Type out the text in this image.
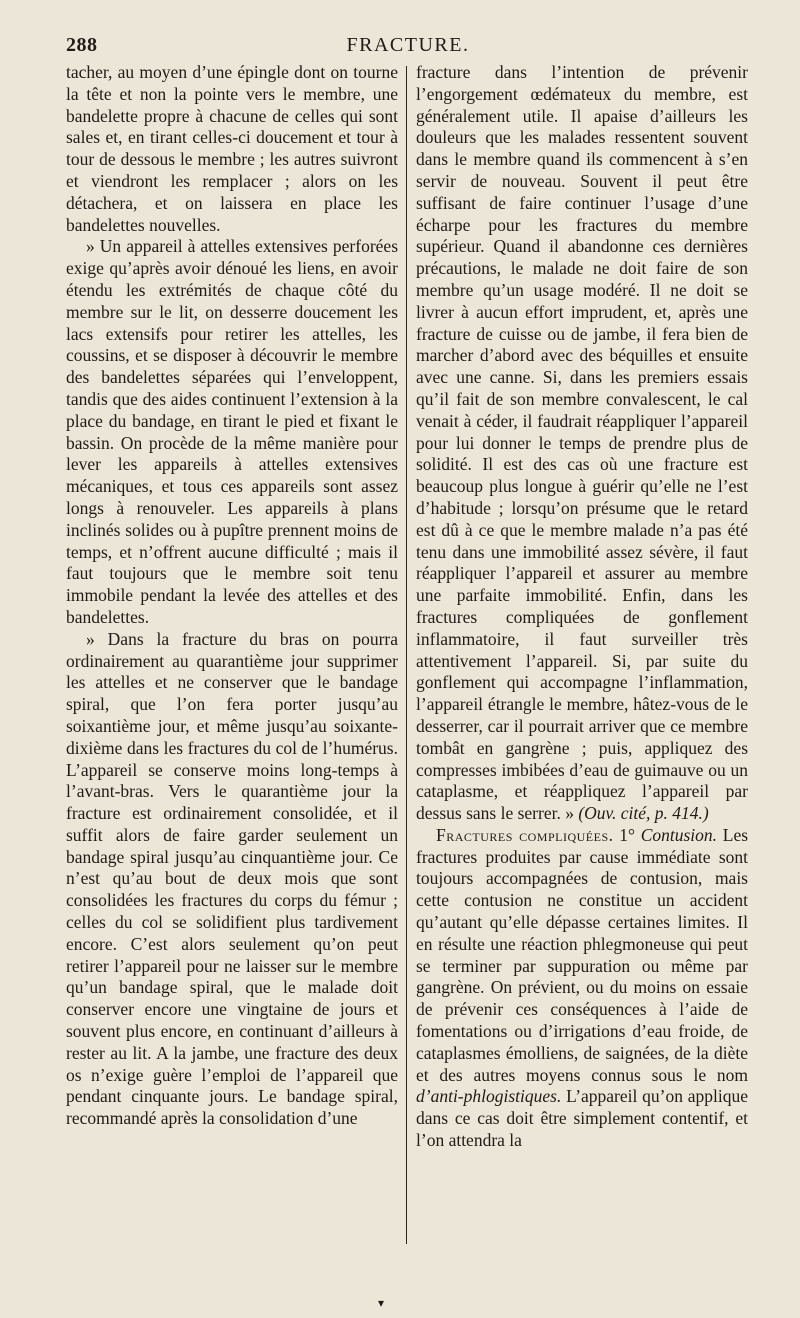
288	FRACTURE.

tacher, au moyen d’une épingle dont on tourne la tête et non la pointe vers le membre, une bandelette propre à chacune de celles qui sont sales et, en tirant celles-ci doucement et tour à tour de dessous le membre ; les autres suivront et viendront les remplacer ; alors on les détachera, et on laissera en place les bandelettes nouvelles.

» Un appareil à attelles extensives perforées exige qu’après avoir dénoué les liens, en avoir étendu les extrémités de chaque côté du membre sur le lit, on desserre doucement les lacs extensifs pour retirer les attelles, les coussins, et se disposer à découvrir le membre des bandelettes séparées qui l’enveloppent, tandis que des aides continuent l’extension à la place du bandage, en tirant le pied et fixant le bassin. On procède de la même manière pour lever les appareils à attelles extensives mécaniques, et tous ces appareils sont assez longs à renouveler. Les appareils à plans inclinés solides ou à pupître prennent moins de temps, et n’offrent aucune difficulté ; mais il faut toujours que le membre soit tenu immobile pendant la levée des attelles et des bandelettes.

» Dans la fracture du bras on pourra ordinairement au quarantième jour supprimer les attelles et ne conserver que le bandage spiral, que l’on fera porter jusqu’au soixantième jour, et même jusqu’au soixante-dixième dans les fractures du col de l’humérus. L’appareil se conserve moins long-temps à l’avant-bras. Vers le quarantième jour la fracture est ordinairement consolidée, et il suffit alors de faire garder seulement un bandage spiral jusqu’au cinquantième jour. Ce n’est qu’au bout de deux mois que sont consolidées les fractures du corps du fémur ; celles du col se solidifient plus tardivement encore. C’est alors seulement qu’on peut retirer l’appareil pour ne laisser sur le membre qu’un bandage spiral, que le malade doit conserver encore une vingtaine de jours et souvent plus encore, en continuant d’ailleurs à rester au lit. A la jambe, une fracture des deux os n’exige guère l’emploi de l’appareil que pendant cinquante jours. Le bandage spiral, recommandé après la consolidation d’une

fracture dans l’intention de prévenir l’engorgement œdémateux du membre, est généralement utile. Il apaise d’ailleurs les douleurs que les malades ressentent souvent dans le membre quand ils commencent à s’en servir de nouveau. Souvent il peut être suffisant de faire continuer l’usage d’une écharpe pour les fractures du membre supérieur. Quand il abandonne ces dernières précautions, le malade ne doit faire de son membre qu’un usage modéré. Il ne doit se livrer à aucun effort imprudent, et, après une fracture de cuisse ou de jambe, il fera bien de marcher d’abord avec des béquilles et ensuite avec une canne. Si, dans les premiers essais qu’il fait de son membre convalescent, le cal venait à céder, il faudrait réappliquer l’appareil pour lui donner le temps de prendre plus de solidité. Il est des cas où une fracture est beaucoup plus longue à guérir qu’elle ne l’est d’habitude ; lorsqu’on présume que le retard est dû à ce que le membre malade n’a pas été tenu dans une immobilité assez sévère, il faut réappliquer l’appareil et assurer au membre une parfaite immobilité. Enfin, dans les fractures compliquées de gonflement inflammatoire, il faut surveiller très attentivement l’appareil. Si, par suite du gonflement qui accompagne l’inflammation, l’appareil étrangle le membre, hâtez-vous de le desserrer, car il pourrait arriver que ce membre tombât en gangrène ; puis, appliquez des compresses imbibées d’eau de guimauve ou un cataplasme, et réappliquez l’appareil par dessus sans le serrer. » (Ouv. cité, p. 414.)

Fractures compliquées. 1° Contusion. Les fractures produites par cause immédiate sont toujours accompagnées de contusion, mais cette contusion ne constitue un accident qu’autant qu’elle dépasse certaines limites. Il en résulte une réaction phlegmoneuse qui peut se terminer par suppuration ou même par gangrène. On prévient, ou du moins on essaie de prévenir ces conséquences à l’aide de fomentations ou d’irrigations d’eau froide, de cataplasmes émolliens, de saignées, de la diète et des autres moyens connus sous le nom d’anti-phlogistiques. L’appareil qu’on applique dans ce cas doit être simplement contentif, et l’on attendra la

▾
